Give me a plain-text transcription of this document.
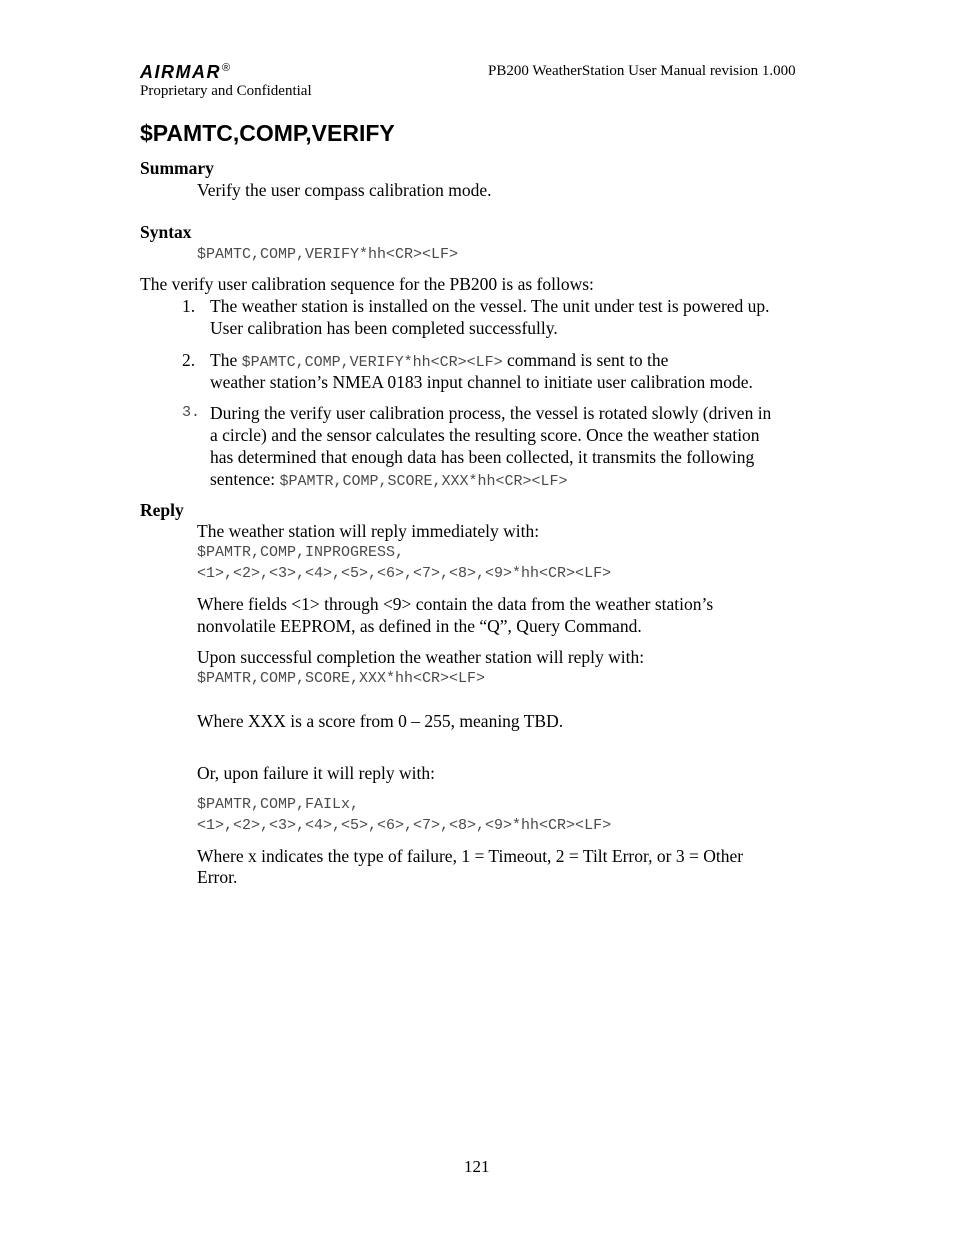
AIRMAR®	PB200 WeatherStation User Manual revision 1.000
Proprietary and Confidential
$PAMTC,COMP,VERIFY
Summary
Verify the user compass calibration mode.
Syntax
$PAMTC,COMP,VERIFY*hh<CR><LF>
The verify user calibration sequence for the PB200 is as follows:
1. The weather station is installed on the vessel. The unit under test is powered up.
User calibration has been completed successfully.
2. The $PAMTC,COMP,VERIFY*hh<CR><LF> command is sent to the
weather station’s NMEA 0183 input channel to initiate user calibration mode.
3. During the verify user calibration process, the vessel is rotated slowly (driven in
a circle) and the sensor calculates the resulting score. Once the weather station
has determined that enough data has been collected, it transmits the following
sentence: $PAMTR,COMP,SCORE,XXX*hh<CR><LF>
Reply
The weather station will reply immediately with:
$PAMTR,COMP,INPROGRESS,
<1>,<2>,<3>,<4>,<5>,<6>,<7>,<8>,<9>*hh<CR><LF>
Where fields <1> through <9> contain the data from the weather station’s
nonvolatile EEPROM, as defined in the “Q”, Query Command.
Upon successful completion the weather station will reply with:
$PAMTR,COMP,SCORE,XXX*hh<CR><LF>
Where XXX is a score from 0 – 255, meaning TBD.
Or, upon failure it will reply with:
$PAMTR,COMP,FAILx,
<1>,<2>,<3>,<4>,<5>,<6>,<7>,<8>,<9>*hh<CR><LF>
Where x indicates the type of failure, 1 = Timeout, 2 = Tilt Error, or 3 = Other
Error.
121
